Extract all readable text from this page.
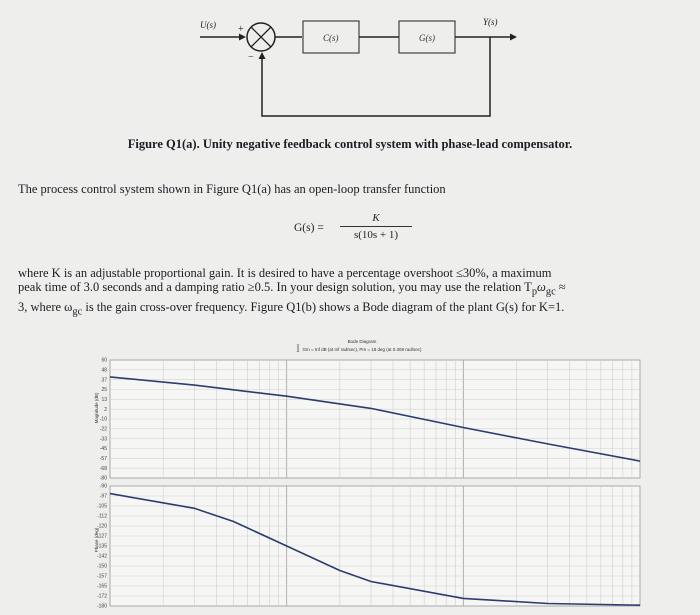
U(s) +
−
C(s)	G(s)
Y(s)
Figure Q1(a). Unity negative feedback control system with phase-lead compensator.
The process control system shown in Figure Q1(a) has an open-loop transfer function
G(s) =
K
s(10s + 1)
where K is an adjustable proportional gain. It is desired to have a percentage overshoot ≤30%, a maximum
peak time of 3.0 seconds and a damping ratio ≥0.5. In your design solution, you may use the relation $T_p\omega_{gc}$ ≈
3, where $\omega_{gc}$ is the gain cross-over frequency. Figure Q1(b) shows a Bode diagram of the plant G(s) for K=1.
Bode Diagram
Gm = Inf dB (at Inf rad/sec), Pm = 18 deg (at 0.308 rad/sec)
I
60
48
37
25
13
2
-10
-22
-33
-45
-57
-68
-80
-90
-97
-105
-112
-120
-127
-135
-142
-150
-157
-165
-172
-180
Magnitude (dB)
Phase (deg)
